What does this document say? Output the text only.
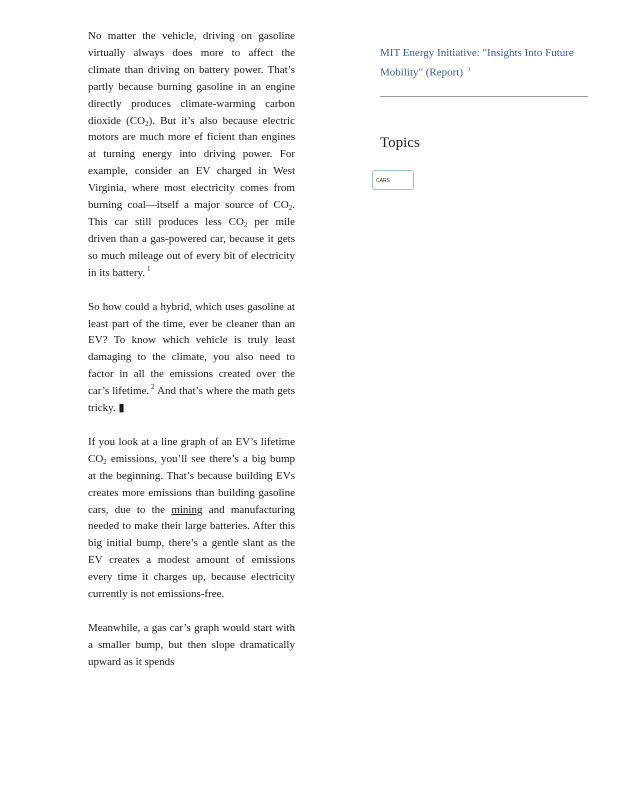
No matter the vehicle, driving on gasoline virtually always does more to affect the climate than driving on battery power. That’s partly because burning gasoline in an engine directly produces climate-warming carbon dioxide $(CO_2)$. But it’s also because electric motors are much more ef ficient than engines at turning energy into driving power. For example, consider an EV charged in West Virginia, where most electricity comes from burning coal—itself a major source of $CO_2$. This car still produces less $CO_2$ per mile driven than a gas-powered car, because it gets so much mileage out of every bit of electricity in its battery. $^1$

So how could a hybrid, which uses gasoline at least part of the time, ever be cleaner than an EV? To know which vehicle is truly least damaging to the climate, you also need to factor in all the emissions created over the car’s lifetime. $^2$ And that’s where the math gets tricky. ▮

If you look at a line graph of an EV’s lifetime $CO_2$ emissions, you’ll see there’s a big bump at the beginning. That’s because building EVs creates more emissions than building gasoline cars, due to the mining and manufacturing needed to make their large batteries. After this big initial bump, there’s a gentle slant as the EV creates a modest amount of emissions every time it charges up, because electricity currently is not emissions-free.

Meanwhile, a gas car’s graph would start with a smaller bump, but then slope dramatically upward as it spends

MIT Energy Initiative: "Insights Into Future Mobility" (Report) $^1$
Topics
CARS
